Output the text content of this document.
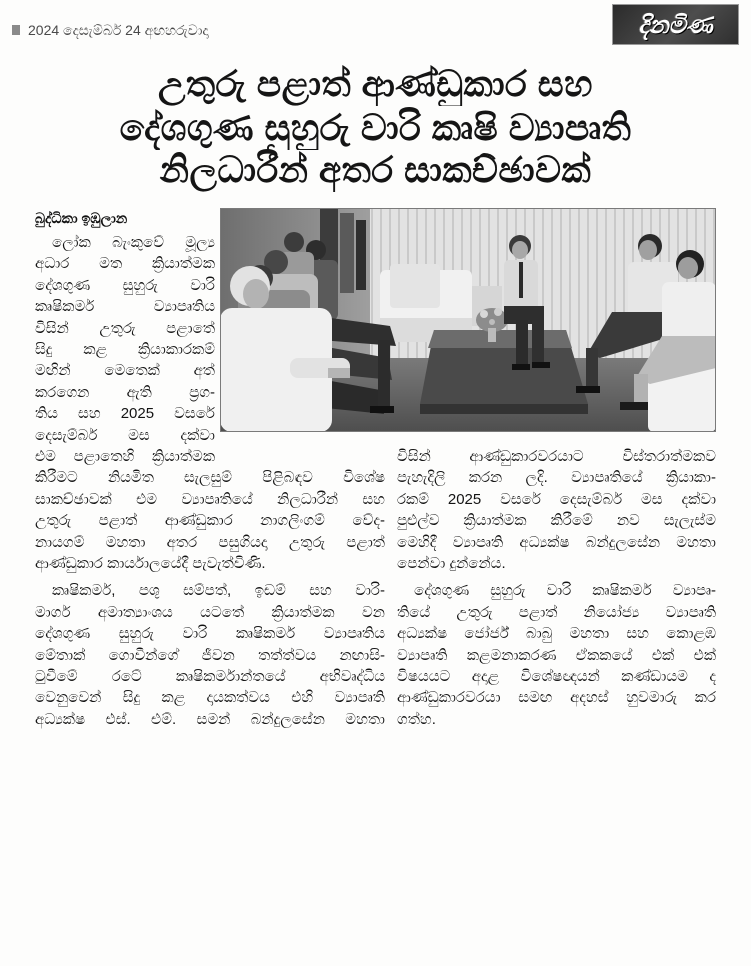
2024 දෙසැම්බර් 24 අඟහරුවාදා	දිනමිණ
උතුරු පළාත් ආණ්ඩුකාර සහ
දේශගුණ සුහුරු වාරි කෘෂි ව්‍යාපෘති
නිලධාරීන් අතර සාකච්ඡාවක්
බුද්ධිකා ඉඹුලාන
ලෝක බැංකුවේ මූල්‍ය
අධාර මත ක්‍රියාත්මක
දේශගුණ සුහුරු වාරි
කෘෂිකර්ම ව්‍යාපෘතිය
විසින් උතුරු පළාතේ
සිදු කළ ක්‍රියාකාරකම්
මඟින් මෙතෙක් අත්
කරගෙන ඇති ප්‍රග-
තිය සහ 2025 වසරේ
දෙසැම්බර් මස දක්වා
එම පළාතෙහි ක්‍රියාත්මක
කිරීමට නියමිත සැලසුම් පිළිබඳව විශේෂ
සාකච්ඡාවක් එම ව්‍යාපෘතියේ නිලධාරීන් සහ
උතුරු පළාත් ආණ්ඩුකාර නාගලිංගම් වේද-
නායගම් මහතා අතර පසුගියදා උතුරු පළාත්
ආණ්ඩුකාර කාර්යාලයේදී පැවැත්විණි.
කෘෂිකර්ම, පශු සම්පත්, ඉඩම් සහ වාරි-
මාර්ග අමාත්‍යාංශය යටතේ ක්‍රියාත්මක වන
දේශගුණ සුහුරු වාරි කෘෂිකර්ම ව්‍යාපෘතිය
මේතාක් ගොවීන්ගේ ජීවන තත්ත්වය නඟාසි-
ටුවීමේ රටේ කෘෂිකර්මාන්තයේ අභිවෘද්ධිය
වෙනුවෙන් සිදු කළ දායකත්වය එහි ව්‍යාපෘති
අධ්‍යක්ෂ එස්. එම්. සමන් බන්දුලසේන මහතා
විසින් ආණ්ඩුකාරවරයාට විස්තරාත්මකව
පැහැදිලි කරන ලදි. ව්‍යාපෘතියේ ක්‍රියාකා-
රකම් 2025 වසරේ දෙසැම්බර් මස දක්වා
පුළුල්ව ක්‍රියාත්මක කිරීමේ නව සැලැස්ම
මෙහිදී ව්‍යාපෘති අධ්‍යක්ෂ බන්දුලසේන මහතා
පෙන්වා දුන්නේය.
දේශගුණ සුහුරු වාරි කෘෂිකර්ම ව්‍යාපෘ-
තියේ උතුරු පළාත් නියෝජ්‍ය ව්‍යාපෘති
අධ්‍යක්ෂ ජෝර්ජ් බාබු මහතා සහ කොළඹ
ව්‍යාපෘති කළමනාකරණ ඒකකයේ එක් එක්
විෂයයට අදාළ විශේෂඥයන් කණ්ඩායම ද
ආණ්ඩුකාරවරයා සමඟ අදහස් හුවමාරු කර
ගත්හ.
